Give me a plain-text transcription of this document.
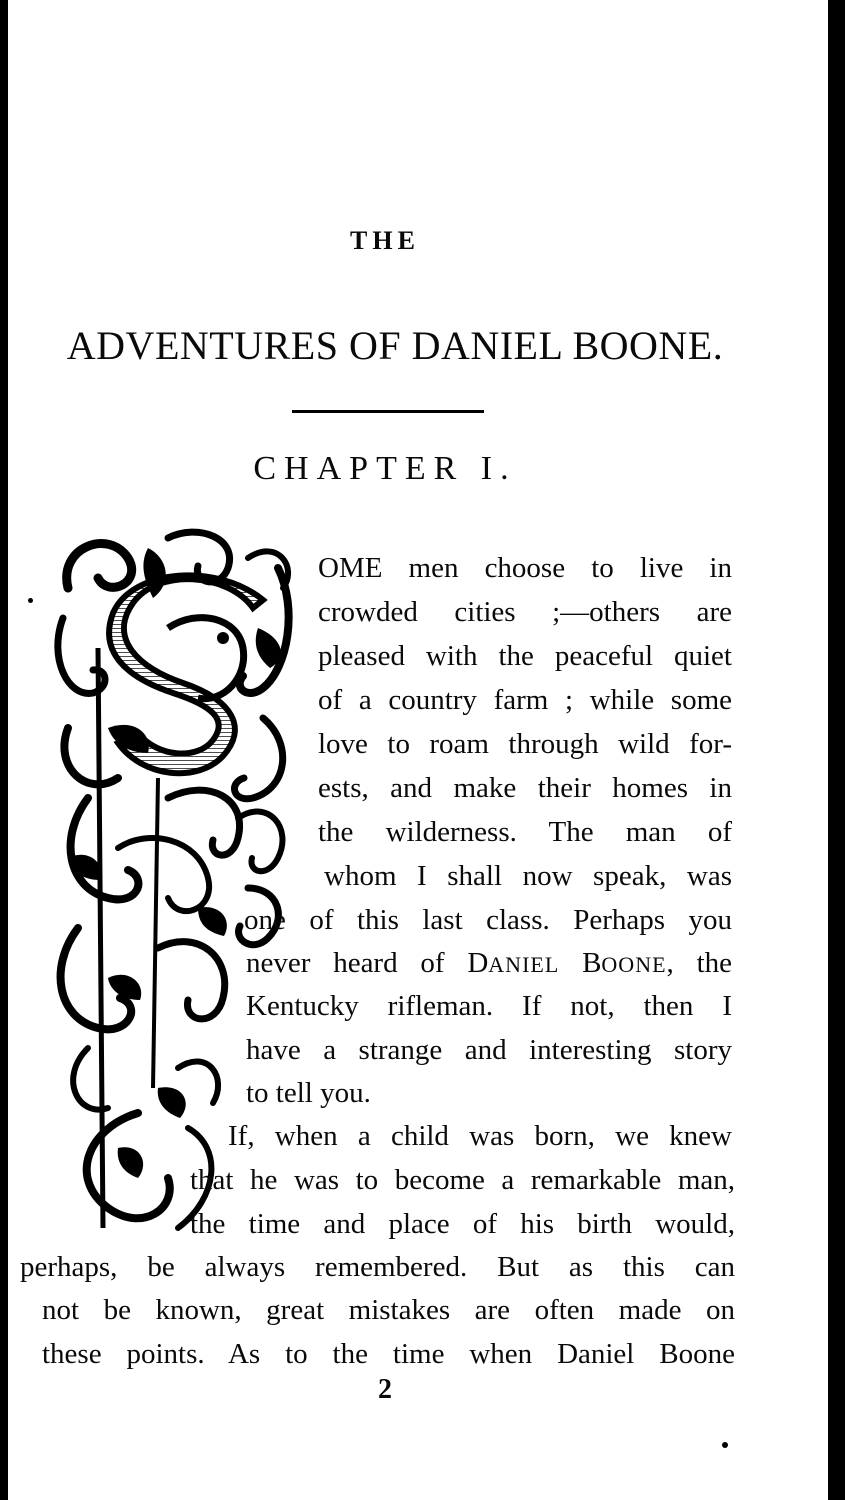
THE
ADVENTURES OF DANIEL BOONE.
CHAPTER I.
OME men choose to live in
crowded cities ;—others are
pleased with the peaceful quiet
of a country farm ; while some
love to roam through wild for-
ests, and make their homes in
the wilderness. The man of
whom I shall now speak, was
one of this last class. Perhaps you
never heard of DANIEL BOONE, the
Kentucky rifleman. If not, then I
have a strange and interesting story
to tell you.
If, when a child was born, we knew
that he was to become a remarkable man,
the time and place of his birth would,
perhaps, be always remembered. But as this can
not be known, great mistakes are often made on
these points. As to the time when Daniel Boone
2
